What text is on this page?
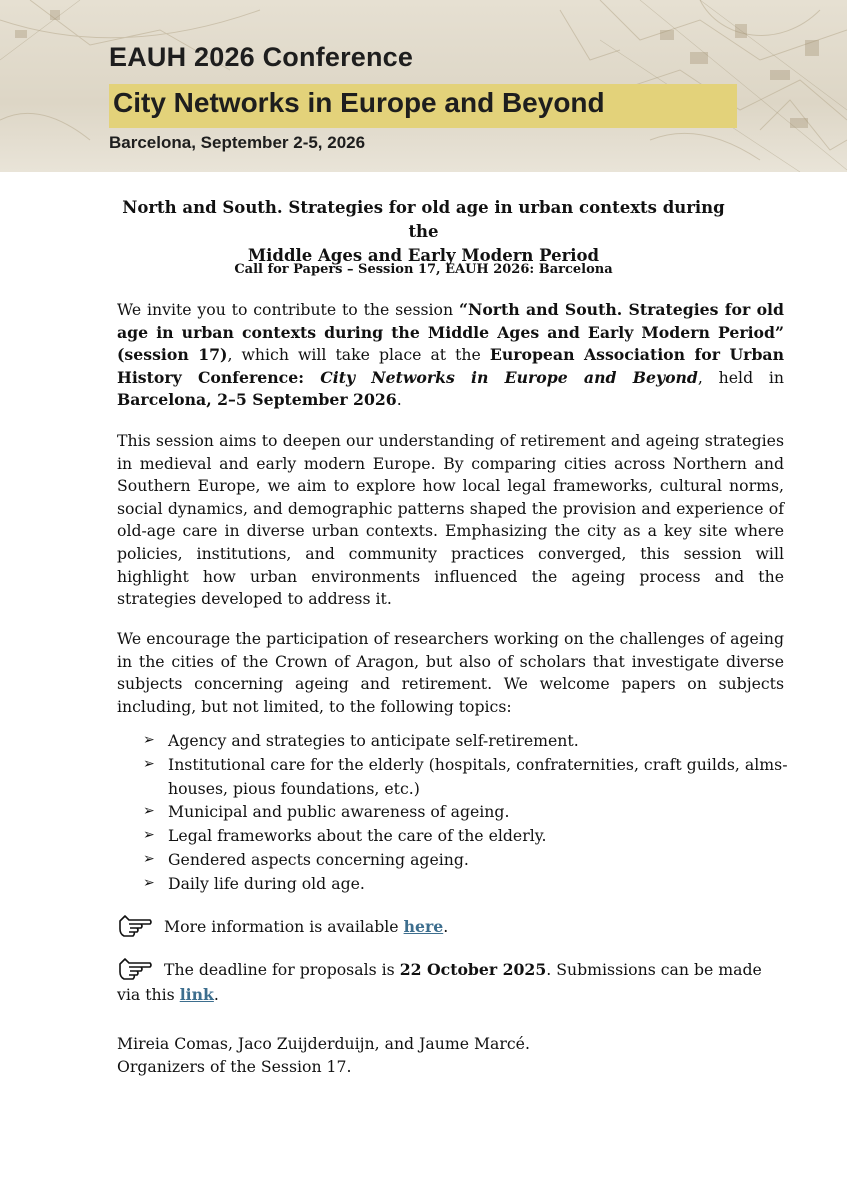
EAUH 2026 Conference
City Networks in Europe and Beyond
Barcelona, September 2-5, 2026
North and South. Strategies for old age in urban contexts during the
Middle Ages and Early Modern Period
Call for Papers – Session 17, EAUH 2026: Barcelona
We invite you to contribute to the session “North and South. Strategies for old age in urban contexts during the Middle Ages and Early Modern Period” (session 17), which will take place at the European Association for Urban History Conference: City Networks in Europe and Beyond, held in Barcelona, 2–5 September 2026.
This session aims to deepen our understanding of retirement and ageing strategies in medieval and early modern Europe. By comparing cities across Northern and Southern Europe, we aim to explore how local legal frameworks, cultural norms, social dynamics, and demographic patterns shaped the provision and experience of old-age care in diverse urban contexts. Emphasizing the city as a key site where policies, institutions, and community practices converged, this session will highlight how urban environments influenced the ageing process and the strategies developed to address it.
We encourage the participation of researchers working on the challenges of ageing in the cities of the Crown of Aragon, but also of scholars that investigate diverse subjects concerning ageing and retirement. We welcome papers on subjects including, but not limited, to the following topics:
➢ Agency and strategies to anticipate self-retirement.
➢ Institutional care for the elderly (hospitals, confraternities, craft guilds, alms-houses, pious foundations, etc.)
➢ Municipal and public awareness of ageing.
➢ Legal frameworks about the care of the elderly.
➢ Gendered aspects concerning ageing.
➢ Daily life during old age.
More information is available here.
The deadline for proposals is 22 October 2025. Submissions can be made via this link.
Mireia Comas, Jaco Zuijderduijn, and Jaume Marcé.
Organizers of the Session 17.
